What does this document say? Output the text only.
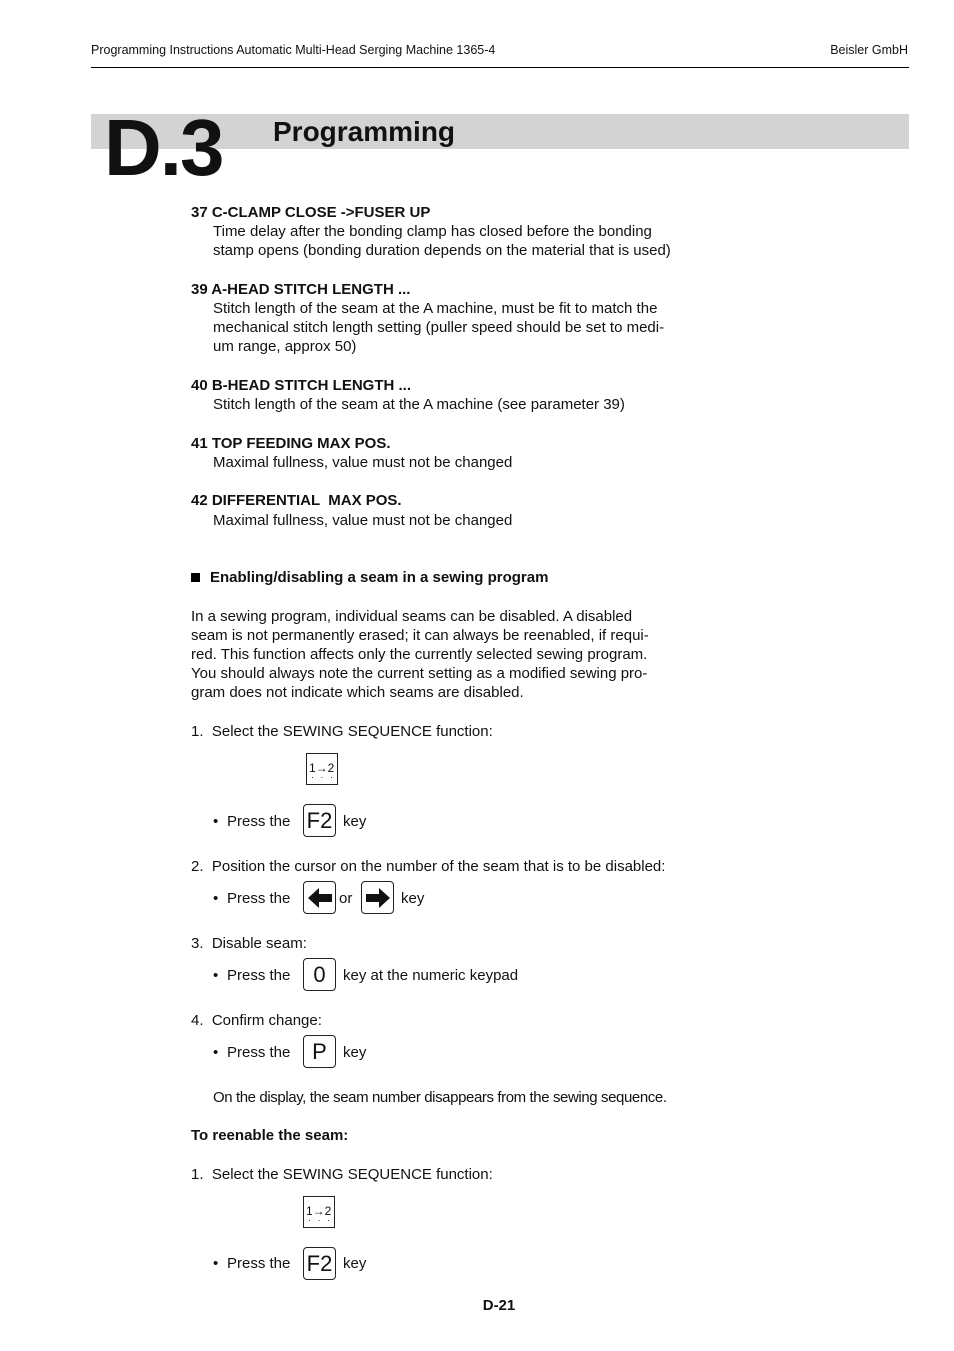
Programming Instructions Automatic Multi-Head Serging Machine 1365-4	Beisler GmbH
D.3 Programming
37 C-CLAMP CLOSE ->FUSER UP
Time delay after the bonding clamp has closed before the bonding
stamp opens (bonding duration depends on the material that is used)
39 A-HEAD STITCH LENGTH ...
Stitch length of the seam at the A machine, must be fit to match the
mechanical stitch length setting (puller speed should be set to medi-
um range, approx 50)
40 B-HEAD STITCH LENGTH ...
Stitch length of the seam at the A machine (see parameter 39)
41 TOP FEEDING MAX POS.
Maximal fullness, value must not be changed
42 DIFFERENTIAL  MAX POS.
Maximal fullness, value must not be changed
Enabling/disabling a seam in a sewing program
In a sewing program, individual seams can be disabled. A disabled
seam is not permanently erased; it can always be reenabled, if requi-
red. This function affects only the currently selected sewing program.
You should always note the current setting as a modified sewing pro-
gram does not indicate which seams are disabled.
1.  Select the SEWING SEQUENCE function:
1→2
· · ·
• Press the F2 key
2.  Position the cursor on the number of the seam that is to be disabled:
• Press the	or	key
3.  Disable seam:
• Press the	0	key at the numeric keypad
4.  Confirm change:
• Press the P	key
On the display, the seam number disappears from the sewing sequence.
To reenable the seam:
1.  Select the SEWING SEQUENCE function:
1→2
· · ·
• Press the F2 key
D-21
